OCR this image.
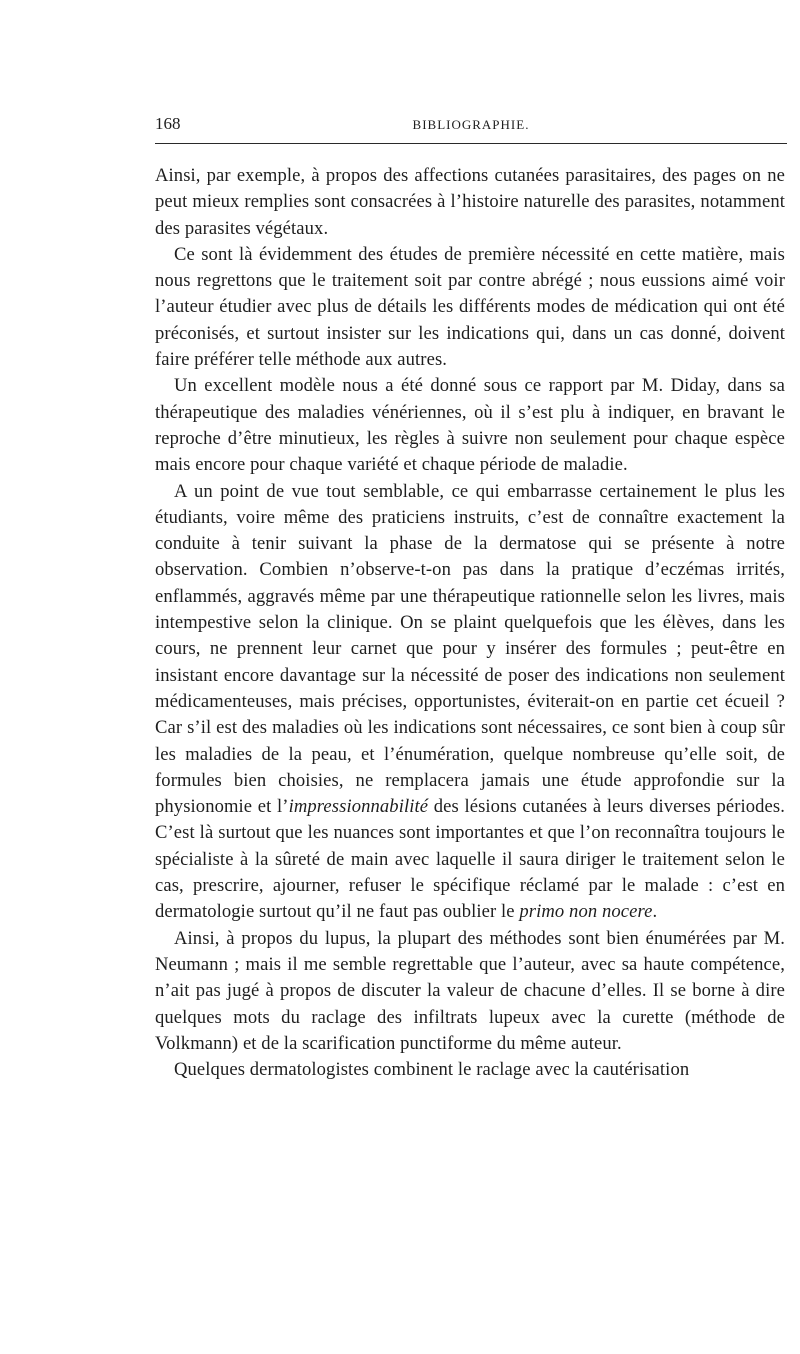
168	BIBLIOGRAPHIE.

Ainsi, par exemple, à propos des affections cutanées parasitaires, des pages on ne peut mieux remplies sont consacrées à l’histoire naturelle des parasites, notamment des parasites végétaux.

Ce sont là évidemment des études de première nécessité en cette matière, mais nous regrettons que le traitement soit par contre abrégé ; nous eussions aimé voir l’auteur étudier avec plus de détails les différents modes de médication qui ont été préconisés, et surtout insister sur les indications qui, dans un cas donné, doivent faire préférer telle méthode aux autres.

Un excellent modèle nous a été donné sous ce rapport par M. Diday, dans sa thérapeutique des maladies vénériennes, où il s’est plu à indiquer, en bravant le reproche d’être minutieux, les règles à suivre non seulement pour chaque espèce mais encore pour chaque variété et chaque période de maladie.

A un point de vue tout semblable, ce qui embarrasse certainement le plus les étudiants, voire même des praticiens instruits, c’est de connaître exactement la conduite à tenir suivant la phase de la dermatose qui se présente à notre observation. Combien n’observe-t-on pas dans la pratique d’eczémas irrités, enflammés, aggravés même par une thérapeutique rationnelle selon les livres, mais intempestive selon la clinique. On se plaint quelquefois que les élèves, dans les cours, ne prennent leur carnet que pour y insérer des formules ; peut-être en insistant encore davantage sur la nécessité de poser des indications non seulement médicamenteuses, mais précises, opportunistes, éviterait-on en partie cet écueil ? Car s’il est des maladies où les indications sont nécessaires, ce sont bien à coup sûr les maladies de la peau, et l’énumération, quelque nombreuse qu’elle soit, de formules bien choisies, ne remplacera jamais une étude approfondie sur la physionomie et l’impressionnabilité des lésions cutanées à leurs diverses périodes. C’est là surtout que les nuances sont importantes et que l’on reconnaîtra toujours le spécialiste à la sûreté de main avec laquelle il saura diriger le traitement selon le cas, prescrire, ajourner, refuser le spécifique réclamé par le malade : c’est en dermatologie surtout qu’il ne faut pas oublier le primo non nocere.

Ainsi, à propos du lupus, la plupart des méthodes sont bien énumérées par M. Neumann ; mais il me semble regrettable que l’auteur, avec sa haute compétence, n’ait pas jugé à propos de discuter la valeur de chacune d’elles. Il se borne à dire quelques mots du raclage des infiltrats lupeux avec la curette (méthode de Volkmann) et de la scarification punctiforme du même auteur.

Quelques dermatologistes combinent le raclage avec la cautérisation
